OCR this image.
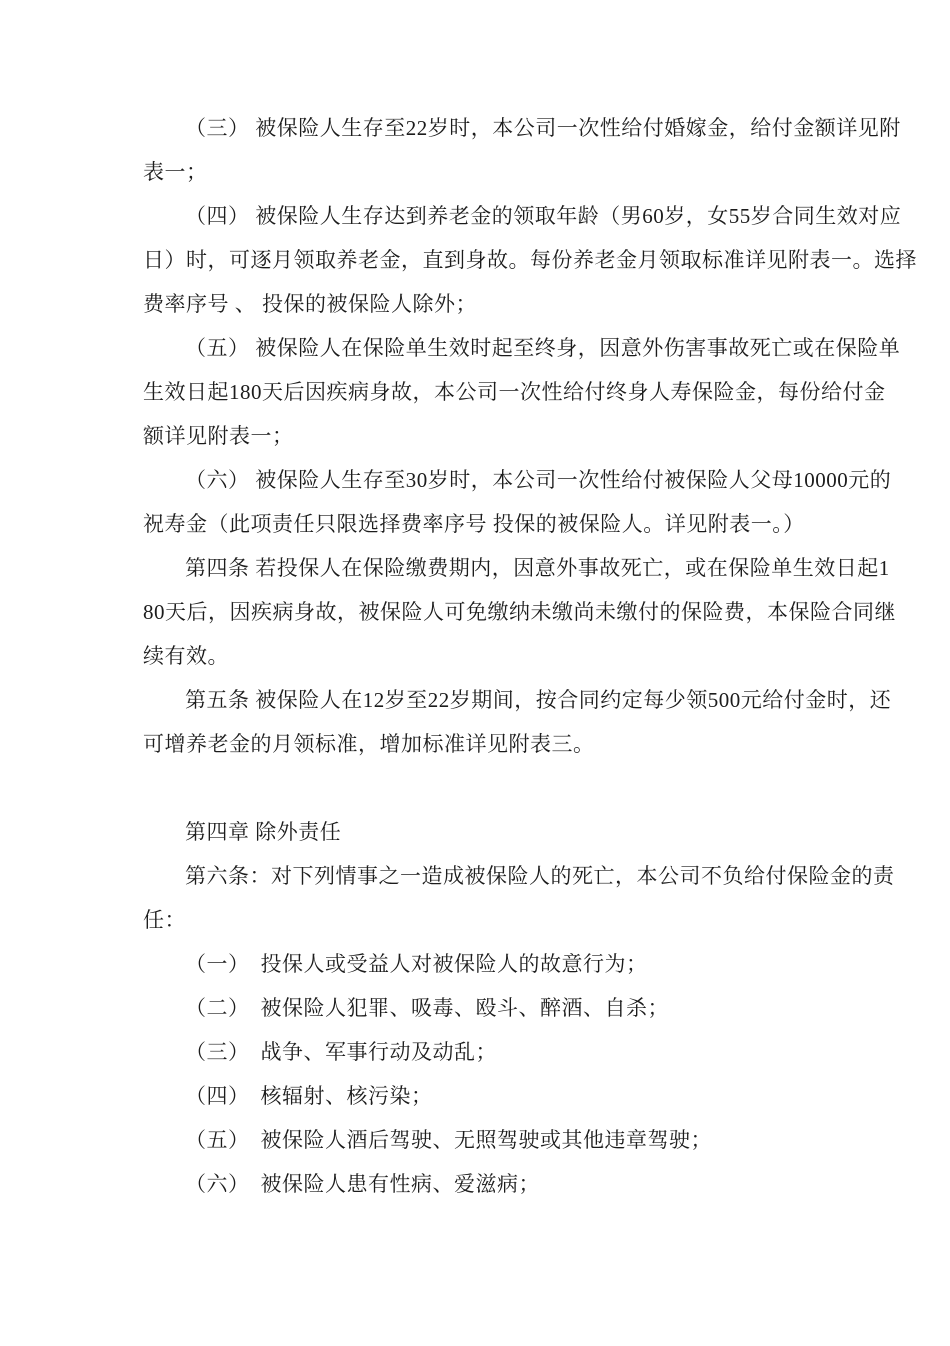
（三） 被保险人生存至22岁时，本公司一次性给付婚嫁金，给付金额详见附
表一；
（四） 被保险人生存达到养老金的领取年龄（男60岁，女55岁合同生效对应
日）时，可逐月领取养老金，直到身故。每份养老金月领取标准详见附表一。选择
费率序号 、 投保的被保险人除外；
（五） 被保险人在保险单生效时起至终身，因意外伤害事故死亡或在保险单
生效日起180天后因疾病身故，本公司一次性给付终身人寿保险金，每份给付金
额详见附表一；
（六） 被保险人生存至30岁时，本公司一次性给付被保险人父母10000元的
祝寿金（此项责任只限选择费率序号 投保的被保险人。详见附表一。）
第四条 若投保人在保险缴费期内，因意外事故死亡，或在保险单生效日起1
80天后，因疾病身故，被保险人可免缴纳未缴尚未缴付的保险费，本保险合同继
续有效。
第五条 被保险人在12岁至22岁期间，按合同约定每少领500元给付金时，还
可增养老金的月领标准，增加标准详见附表三。
第四章 除外责任
第六条：对下列情事之一造成被保险人的死亡，本公司不负给付保险金的责
任：
（一）　投保人或受益人对被保险人的故意行为；
（二）　被保险人犯罪、吸毒、殴斗、醉酒、自杀；
（三）　战争、军事行动及动乱；
（四）　核辐射、核污染；
（五）　被保险人酒后驾驶、无照驾驶或其他违章驾驶；
（六）　被保险人患有性病、爱滋病；
